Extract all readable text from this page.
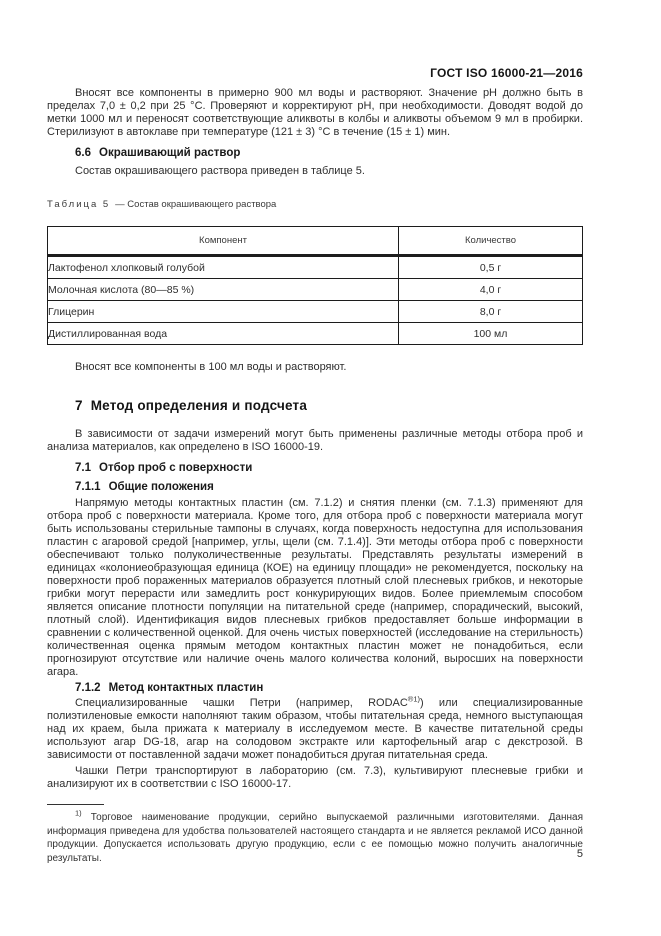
ГОСТ ISO 16000-21—2016

Вносят все компоненты в примерно 900 мл воды и растворяют. Значение рН должно быть в пределах 7,0 ± 0,2 при 25 °С. Проверяют и корректируют рН, при необходимости. Доводят водой до метки 1000 мл и переносят соответствующие аликвоты в колбы и аликвоты объемом 9 мл в пробирки. Стерилизуют в автоклаве при температуре (121 ± 3) °С в течение (15 ± 1) мин.

6.6 Окрашивающий раствор

Состав окрашивающего раствора приведен в таблице 5.

Таблица 5 — Состав окрашивающего раствора
Компонент	Количество
Лактофенол хлопковый голубой	0,5 г
Молочная кислота (80—85 %)	4,0 г
Глицерин	8,0 г
Дистиллированная вода	100 мл

Вносят все компоненты в 100 мл воды и растворяют.

7 Метод определения и подсчета

В зависимости от задачи измерений могут быть применены различные методы отбора проб и анализа материалов, как определено в ISO 16000-19.

7.1 Отбор проб с поверхности

7.1.1 Общие положения

Напрямую методы контактных пластин (см. 7.1.2) и снятия пленки (см. 7.1.3) применяют для отбора проб с поверхности материала. Кроме того, для отбора проб с поверхности материала могут быть использованы стерильные тампоны в случаях, когда поверхность недоступна для использования пластин с агаровой средой [например, углы, щели (см. 7.1.4)]. Эти методы отбора проб с поверхности обеспечивают только полуколичественные результаты. Представлять результаты измерений в единицах «колониеобразующая единица (КОЕ) на единицу площади» не рекомендуется, поскольку на поверхности проб пораженных материалов образуется плотный слой плесневых грибков, и некоторые грибки могут перерасти или замедлить рост конкурирующих видов. Более приемлемым способом является описание плотности популяции на питательной среде (например, спорадический, высокий, плотный слой). Идентификация видов плесневых грибков предоставляет больше информации в сравнении с количественной оценкой. Для очень чистых поверхностей (исследование на стерильность) количественная оценка прямым методом контактных пластин может не понадобиться, если прогнозируют отсутствие или наличие очень малого количества колоний, выросших на поверхности агара.

7.1.2 Метод контактных пластин

Специализированные чашки Петри (например, $RODAC^{®1)}$) или специализированные полиэтиленовые емкости наполняют таким образом, чтобы питательная среда, немного выступающая над их краем, была прижата к материалу в исследуемом месте. В качестве питательной среды используют агар DG-18, агар на солодовом экстракте или картофельный агар с декстрозой. В зависимости от поставленной задачи может понадобиться другая питательная среда.

Чашки Петри транспортируют в лабораторию (см. 7.3), культивируют плесневые грибки и анализируют их в соответствии с ISO 16000-17.

$^{1)}$ Торговое наименование продукции, серийно выпускаемой различными изготовителями. Данная информация приведена для удобства пользователей настоящего стандарта и не является рекламой ИСО данной продукции. Допускается использовать другую продукцию, если с ее помощью можно получить аналогичные результаты.	5
